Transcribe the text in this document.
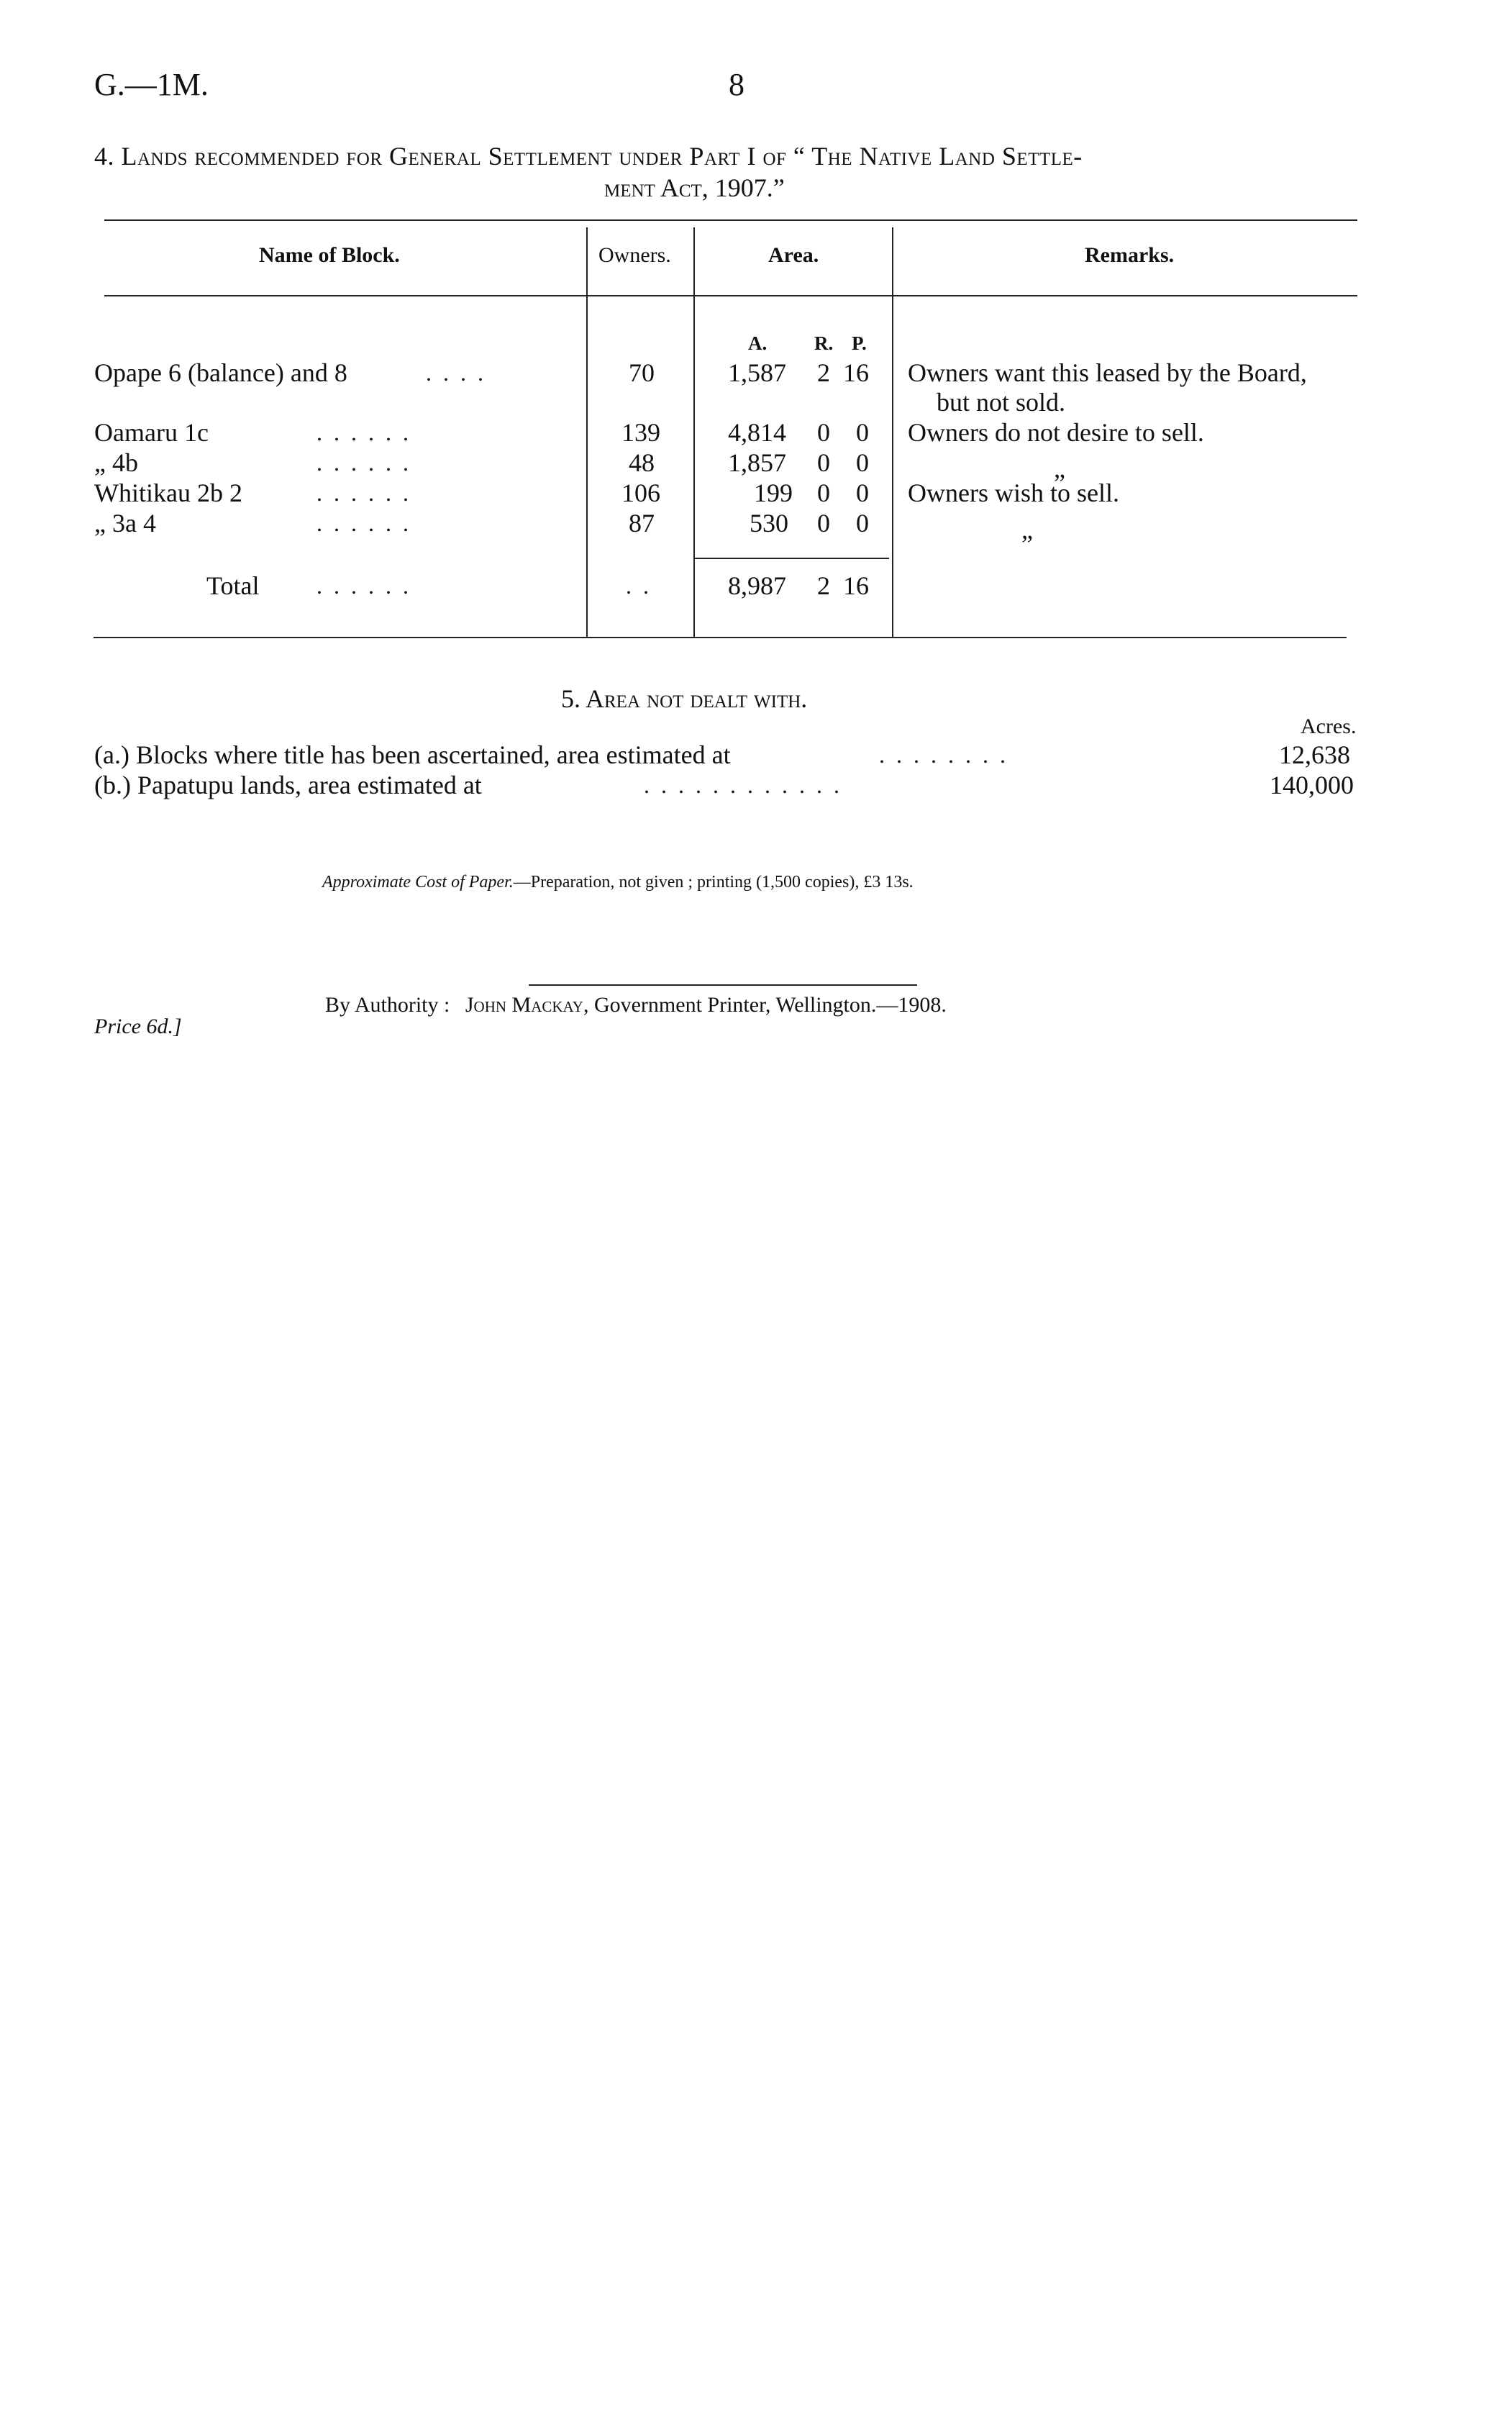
G.—1M.	8
4. Lands recommended for General Settlement under Part I of “ The Native Land Settle-
ment Act, 1907.”
Name of Block.	Owners.	Area.	Remarks.
A. R. P.
Opape 6 (balance) and 8	. . . .	70	1,587 2 16 Owners want this leased by the Board,
but not sold.
Oamaru 1c	. . . . . .	139	4,814 0 0 Owners do not desire to sell.
„ 4b	. . . . . .	48	1,857 0 0	„
Whitikau 2b 2	. . . . . .	106	199 0 0 Owners wish to sell.
„ 3a 4	. . . . . .	87	530 0 0	„
Total . . . . . .	. .	8,987 2 16
5. Area not dealt with.
Acres.
(a.) Blocks where title has been ascertained, area estimated at	. . . . . . . .	12,638
(b.) Papatupu lands, area estimated at	. . . . . . . . . . . .	140,000
Approximate Cost of Paper.—Preparation, not given ; printing (1,500 copies), £3 13s.
Price 6d.]
By Authority : John Mackay, Government Printer, Wellington.—1908.
